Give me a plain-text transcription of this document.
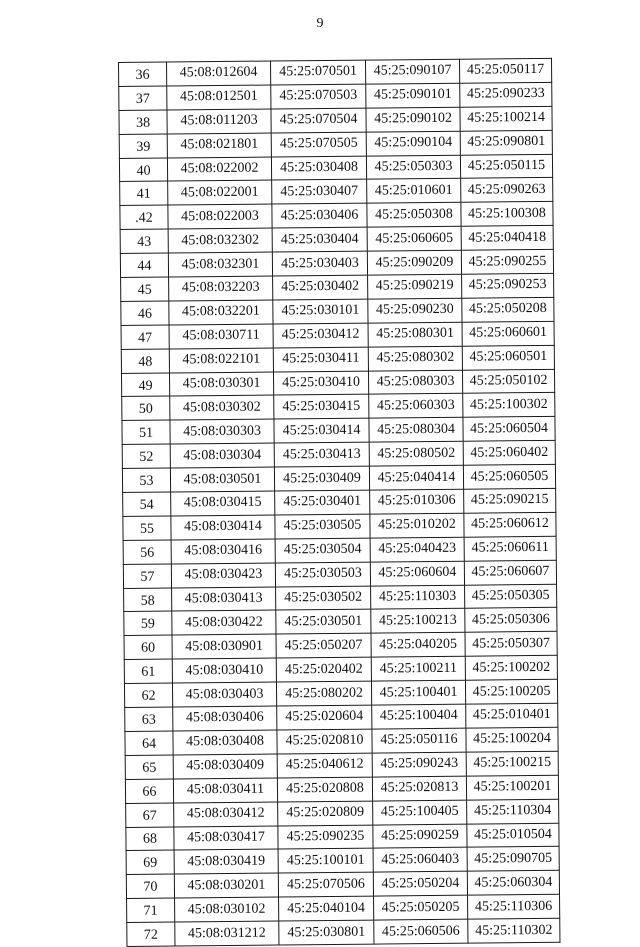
9
36	45:08:012604	45:25:070501	45:25:090107	45:25:050117
37	45:08:012501	45:25:070503	45:25:090101	45:25:090233
38	45:08:011203	45:25:070504	45:25:090102	45:25:100214
39	45:08:021801	45:25:070505	45:25:090104	45:25:090801
40	45:08:022002	45:25:030408	45:25:050303	45:25:050115
41	45:08:022001	45:25:030407	45:25:010601	45:25:090263
.42	45:08:022003	45:25:030406	45:25:050308	45:25:100308
43	45:08:032302	45:25:030404	45:25:060605	45:25:040418
44	45:08:032301	45:25:030403	45:25:090209	45:25:090255
45	45:08:032203	45:25:030402	45:25:090219	45:25:090253
46	45:08:032201	45:25:030101	45:25:090230	45:25:050208
47	45:08:030711	45:25:030412	45:25:080301	45:25:060601
48	45:08:022101	45:25:030411	45:25:080302	45:25:060501
49	45:08:030301	45:25:030410	45:25:080303	45:25:050102
50	45:08:030302	45:25:030415	45:25:060303	45:25:100302
51	45:08:030303	45:25:030414	45:25:080304	45:25:060504
52	45:08:030304	45:25:030413	45:25:080502	45:25:060402
53	45:08:030501	45:25:030409	45:25:040414	45:25:060505
54	45:08:030415	45:25:030401	45:25:010306	45:25:090215
55	45:08:030414	45:25:030505	45:25:010202	45:25:060612
56	45:08:030416	45:25:030504	45:25:040423	45:25:060611
57	45:08:030423	45:25:030503	45:25:060604	45:25:060607
58	45:08:030413	45:25:030502	45:25:110303	45:25:050305
59	45:08:030422	45:25:030501	45:25:100213	45:25:050306
60	45:08:030901	45:25:050207	45:25:040205	45:25:050307
61	45:08:030410	45:25:020402	45:25:100211	45:25:100202
62	45:08:030403	45:25:080202	45:25:100401	45:25:100205
63	45:08:030406	45:25:020604	45:25:100404	45:25:010401
64	45:08:030408	45:25:020810	45:25:050116	45:25:100204
65	45:08:030409	45:25:040612	45:25:090243	45:25:100215
66	45:08:030411	45:25:020808	45:25:020813	45:25:100201
67	45:08:030412	45:25:020809	45:25:100405	45:25:110304
68	45:08:030417	45:25:090235	45:25:090259	45:25:010504
69	45:08:030419	45:25:100101	45:25:060403	45:25:090705
70	45:08:030201	45:25:070506	45:25:050204	45:25:060304
71	45:08:030102	45:25:040104	45:25:050205	45:25:110306
72	45:08:031212	45:25:030801	45:25:060506	45:25:110302
